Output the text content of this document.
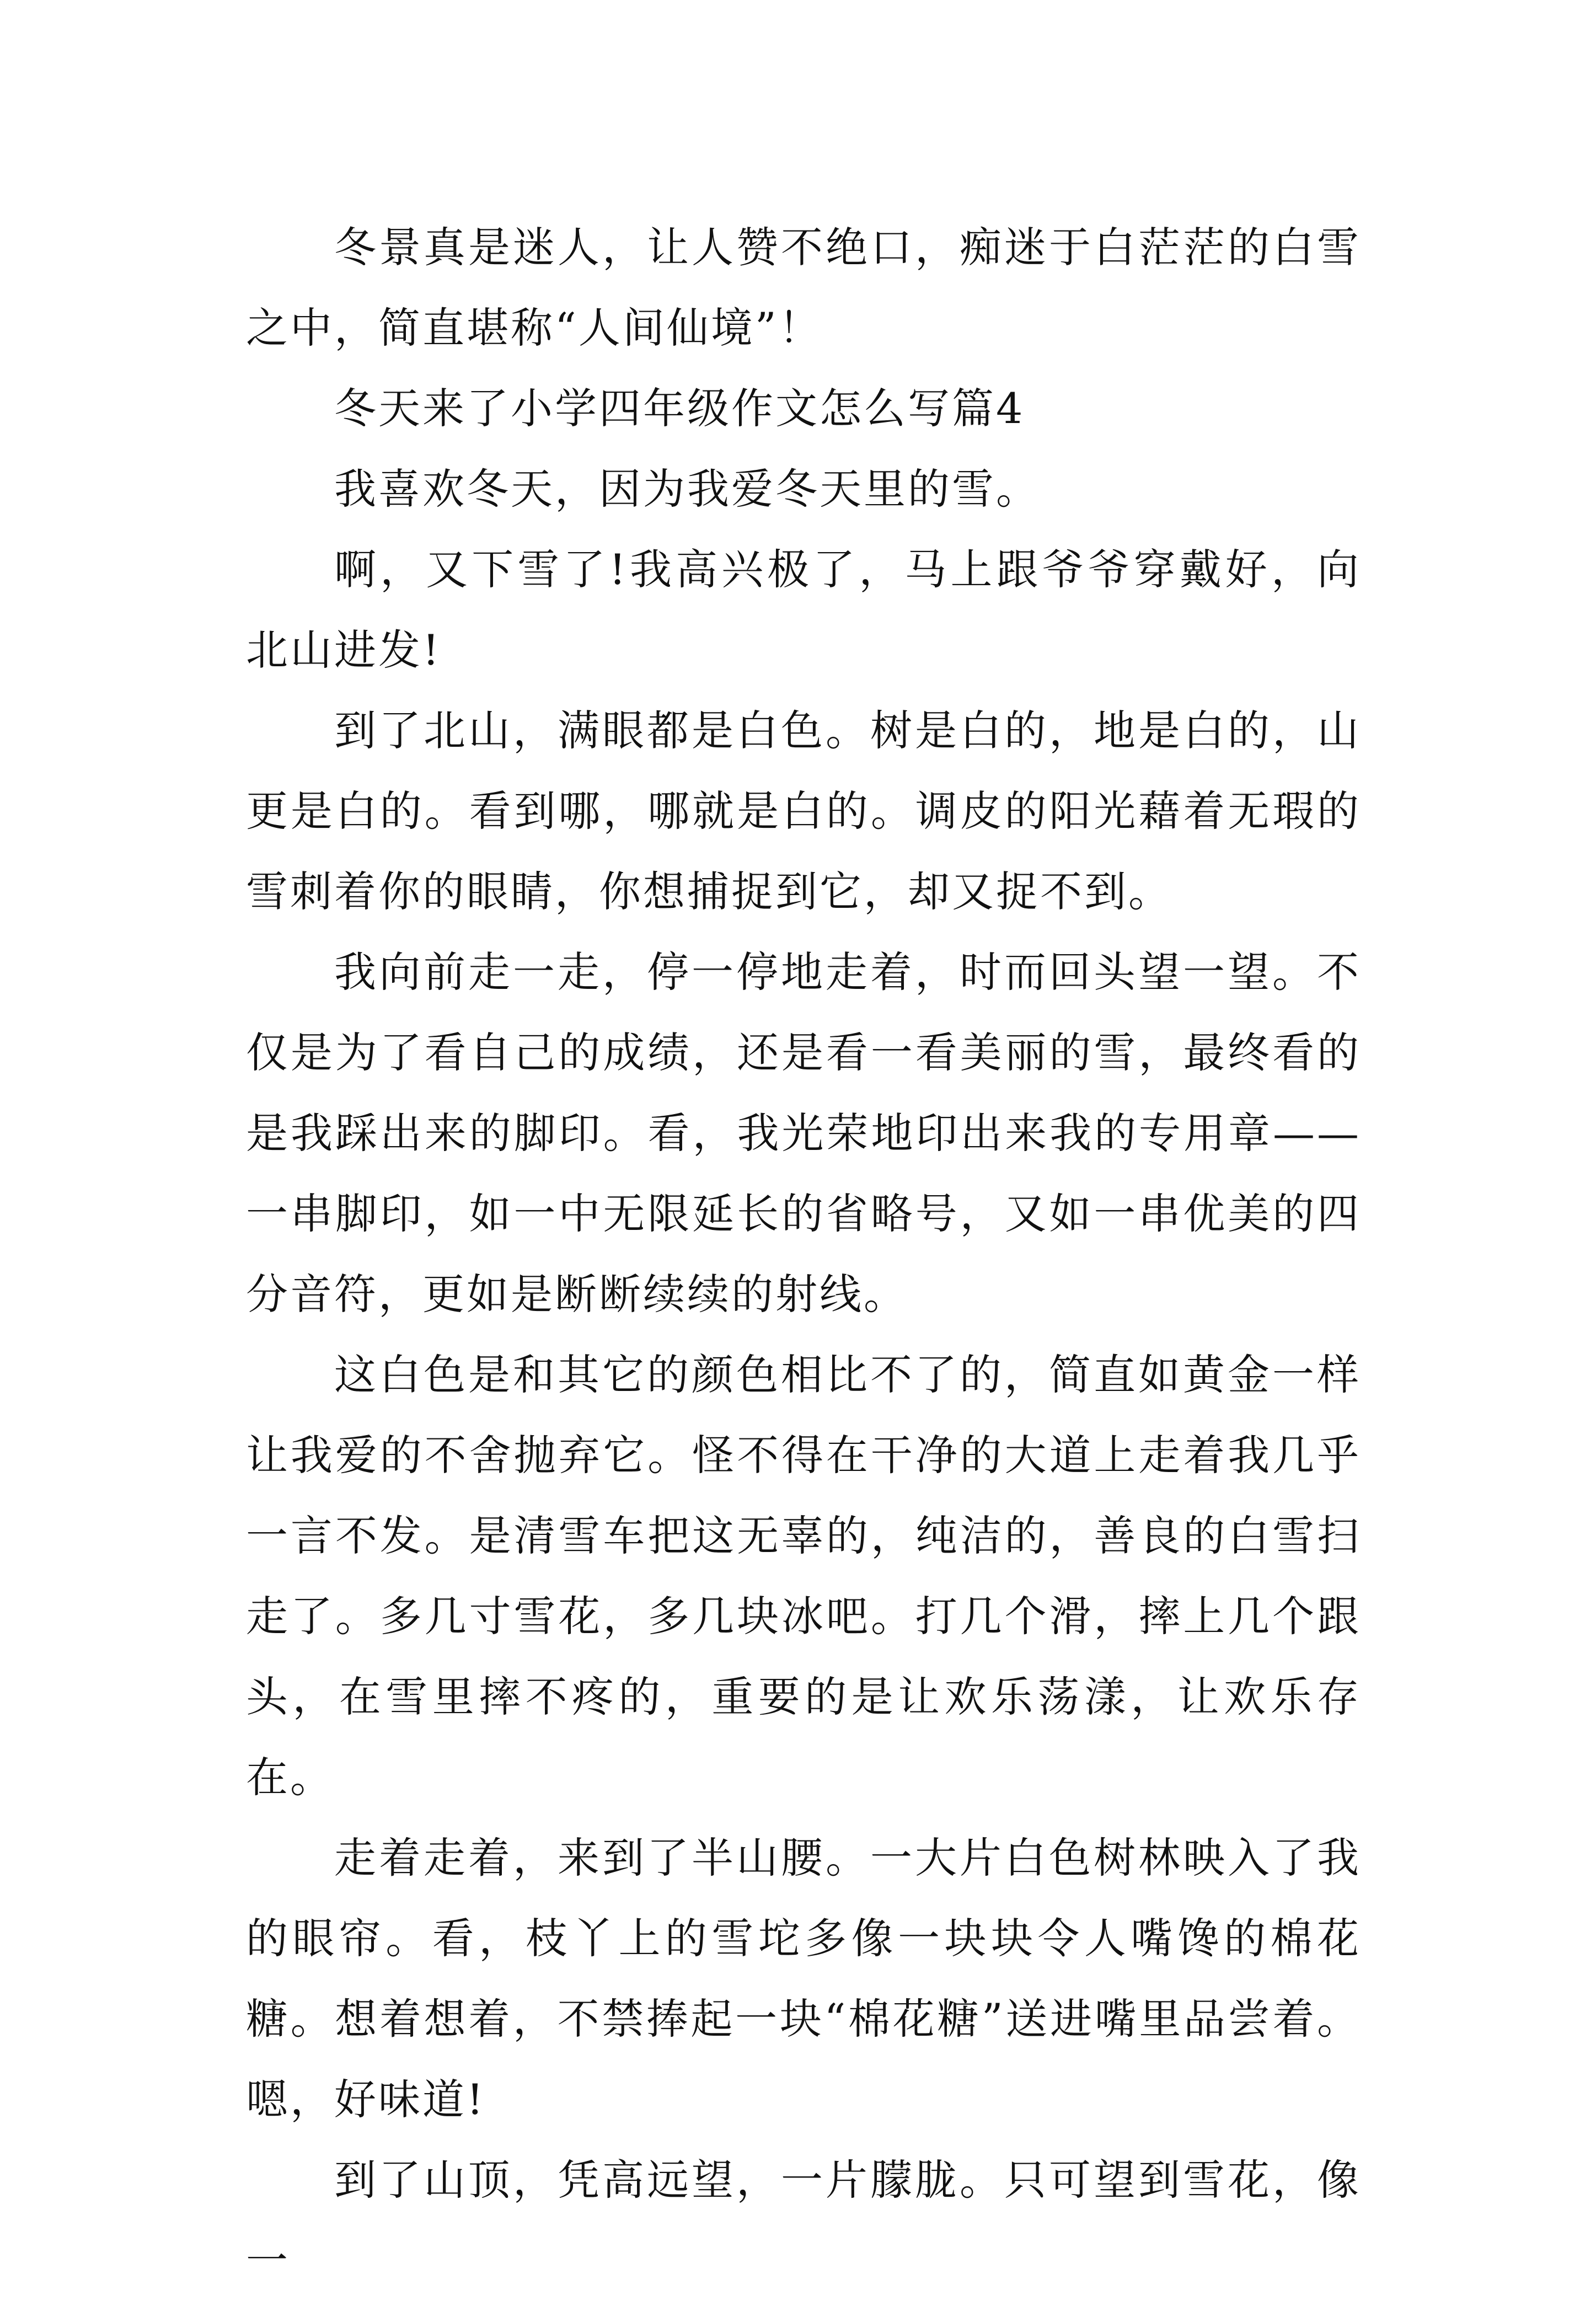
冬景真是迷人，让人赞不绝口，痴迷于白茫茫的白雪之中，简直堪称“人间仙境”！

冬天来了小学四年级作文怎么写篇4

我喜欢冬天，因为我爱冬天里的雪。

啊，又下雪了!我高兴极了，马上跟爷爷穿戴好，向北山进发!

到了北山，满眼都是白色。树是白的，地是白的，山更是白的。看到哪，哪就是白的。调皮的阳光藉着无瑕的雪刺着你的眼睛，你想捕捉到它，却又捉不到。

我向前走一走，停一停地走着，时而回头望一望。不仅是为了看自己的成绩，还是看一看美丽的雪，最终看的是我踩出来的脚印。看，我光荣地印出来我的专用章——一串脚印，如一中无限延长的省略号，又如一串优美的四分音符，更如是断断续续的射线。

这白色是和其它的颜色相比不了的，简直如黄金一样让我爱的不舍抛弃它。怪不得在干净的大道上走着我几乎一言不发。是清雪车把这无辜的，纯洁的，善良的白雪扫走了。多几寸雪花，多几块冰吧。打几个滑，摔上几个跟头，在雪里摔不疼的，重要的是让欢乐荡漾，让欢乐存在。

走着走着，来到了半山腰。一大片白色树林映入了我的眼帘。看，枝丫上的雪坨多像一块块令人嘴馋的棉花糖。想着想着，不禁捧起一块“棉花糖”送进嘴里品尝着。嗯，好味道!

到了山顶，凭高远望，一片朦胧。只可望到雪花，像一
